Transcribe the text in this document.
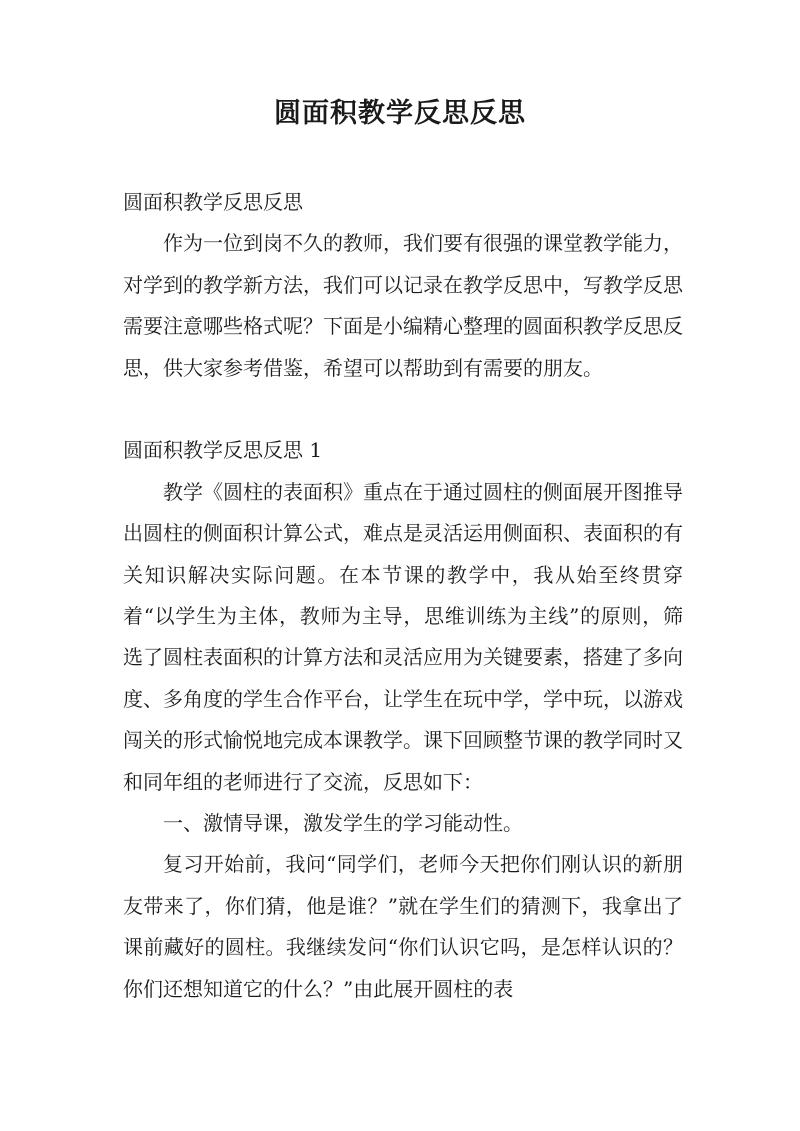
圆面积教学反思反思

圆面积教学反思反思

作为一位到岗不久的教师，我们要有很强的课堂教学能力，对学到的教学新方法，我们可以记录在教学反思中，写教学反思需要注意哪些格式呢？下面是小编精心整理的圆面积教学反思反思，供大家参考借鉴，希望可以帮助到有需要的朋友。

圆面积教学反思反思 1

教学《圆柱的表面积》重点在于通过圆柱的侧面展开图推导出圆柱的侧面积计算公式，难点是灵活运用侧面积、表面积的有关知识解决实际问题。在本节课的教学中，我从始至终贯穿着“以学生为主体，教师为主导，思维训练为主线”的原则，筛选了圆柱表面积的计算方法和灵活应用为关键要素，搭建了多向度、多角度的学生合作平台，让学生在玩中学，学中玩，以游戏闯关的形式愉悦地完成本课教学。课下回顾整节课的教学同时又和同年组的老师进行了交流，反思如下：

一、激情导课，激发学生的学习能动性。

复习开始前，我问“同学们，老师今天把你们刚认识的新朋友带来了，你们猜，他是谁？”就在学生们的猜测下，我拿出了课前藏好的圆柱。我继续发问“你们认识它吗，是怎样认识的？你们还想知道它的什么？”由此展开圆柱的表
